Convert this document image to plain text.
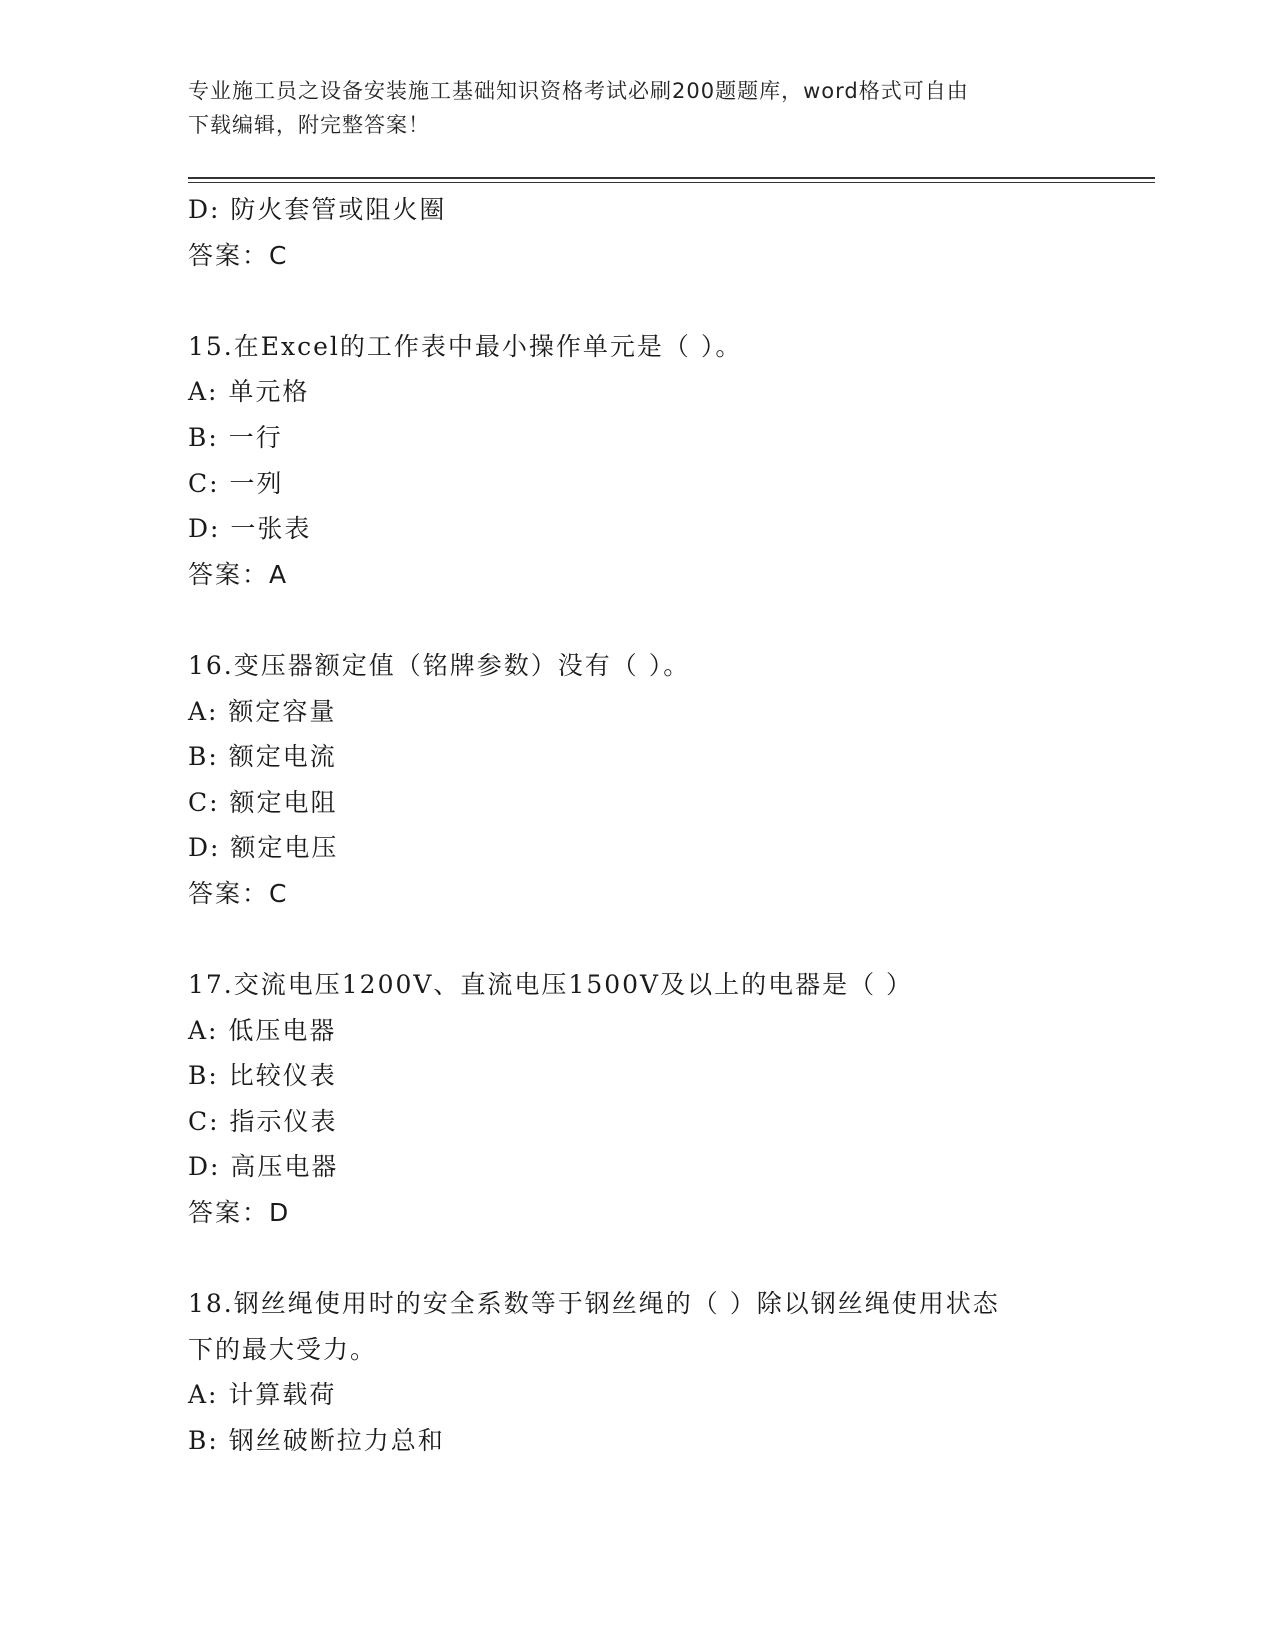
专业施工员之设备安装施工基础知识资格考试必刷200题题库，word格式可自由
下载编辑，附完整答案！
D: 防火套管或阻火圈
答案：C
15.在Excel的工作表中最小操作单元是（ ）。
A: 单元格
B: 一行
C: 一列
D: 一张表
答案：A
16.变压器额定值（铭牌参数）没有（ ）。
A: 额定容量
B: 额定电流
C: 额定电阻
D: 额定电压
答案：C
17.交流电压1200V、直流电压1500V及以上的电器是（ ）
A: 低压电器
B: 比较仪表
C: 指示仪表
D: 高压电器
答案：D
18.钢丝绳使用时的安全系数等于钢丝绳的（ ）除以钢丝绳使用状态
下的最大受力。
A: 计算载荷
B: 钢丝破断拉力总和
